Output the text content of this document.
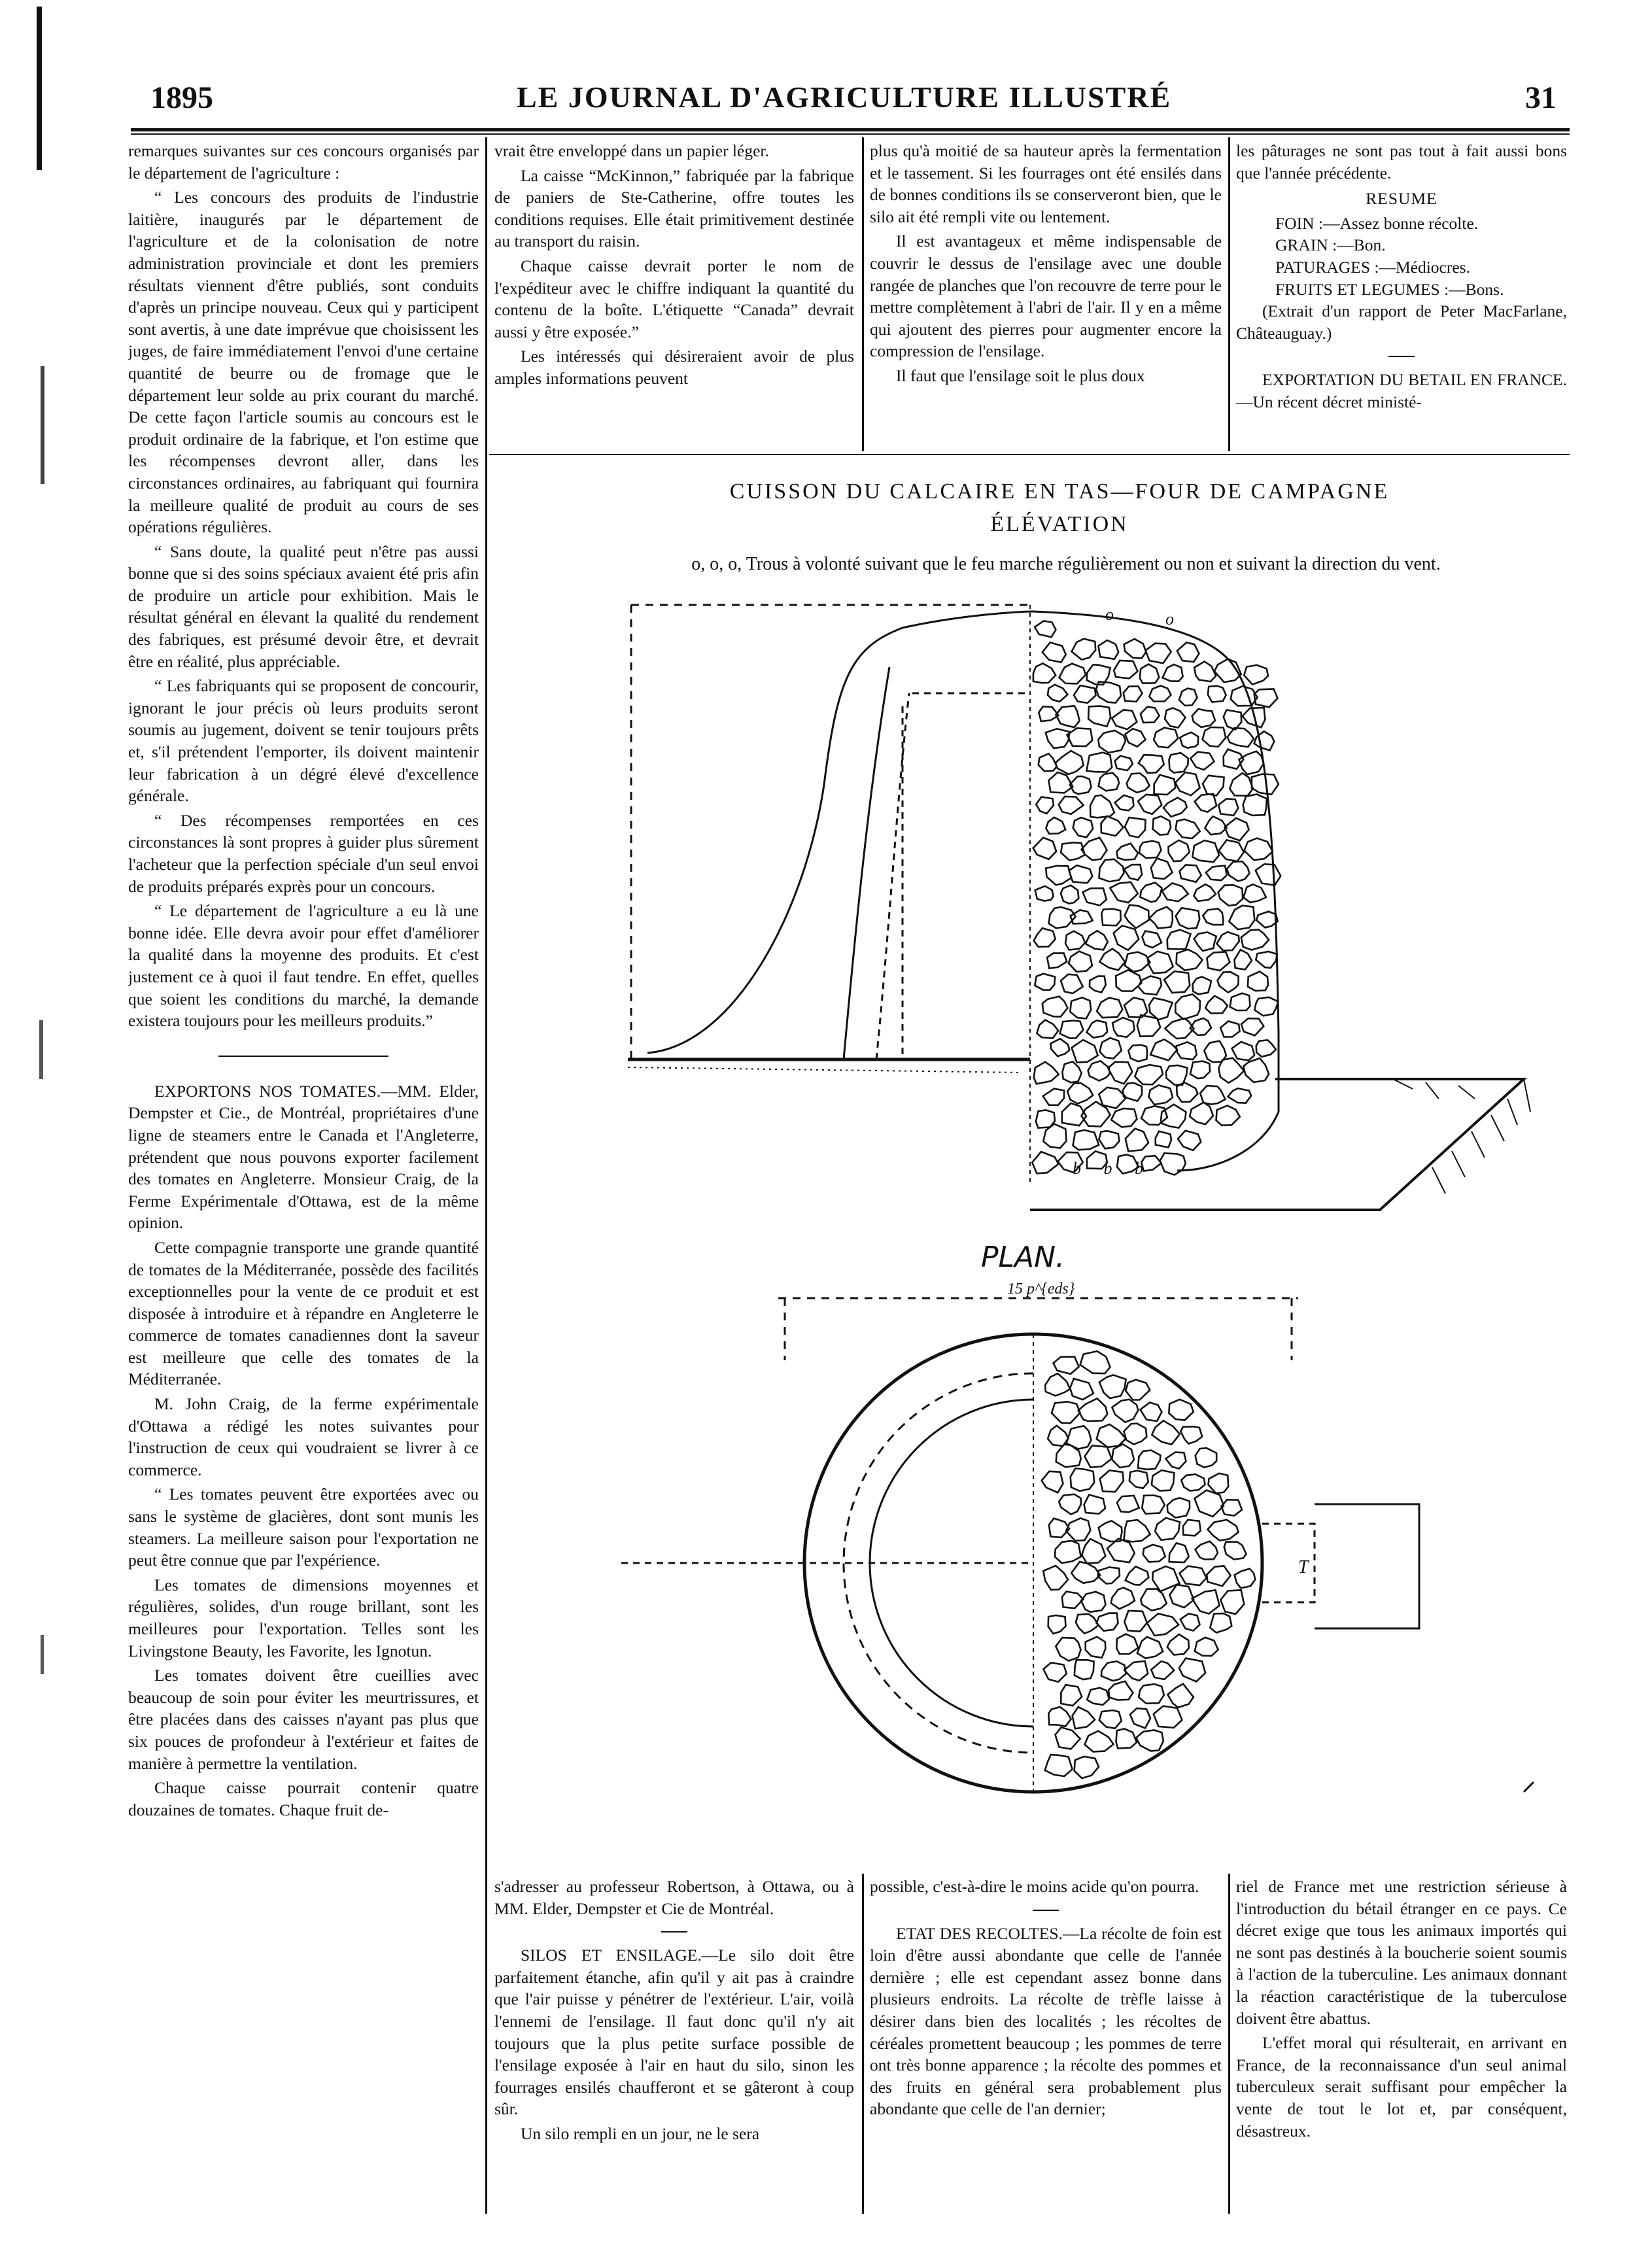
1895	LE JOURNAL D'AGRICULTURE ILLUSTRÉ	31

remarques suivantes sur ces concours organisés par le département de l'agriculture :

“ Les concours des produits de l'industrie laitière, inaugurés par le département de l'agriculture et de la colonisation de notre administration provinciale et dont les premiers résultats viennent d'être publiés, sont conduits d'après un principe nouveau. Ceux qui y participent sont avertis, à une date imprévue que choisissent les juges, de faire immédiatement l'envoi d'une certaine quantité de beurre ou de fromage que le département leur solde au prix courant du marché. De cette façon l'article soumis au concours est le produit ordinaire de la fabrique, et l'on estime que les récompenses devront aller, dans les circonstances ordinaires, au fabriquant qui fournira la meilleure qualité de produit au cours de ses opérations régulières.

“ Sans doute, la qualité peut n'être pas aussi bonne que si des soins spéciaux avaient été pris afin de produire un article pour exhibition. Mais le résultat général en élevant la qualité du rendement des fabriques, est présumé devoir être, et devrait être en réalité, plus appréciable.

“ Les fabriquants qui se proposent de concourir, ignorant le jour précis où leurs produits seront soumis au jugement, doivent se tenir toujours prêts et, s'il prétendent l'emporter, ils doivent maintenir leur fabrication à un dégré élevé d'excellence générale.

“ Des récompenses remportées en ces circonstances là sont propres à guider plus sûrement l'acheteur que la perfection spéciale d'un seul envoi de produits préparés exprès pour un concours.

“ Le département de l'agriculture a eu là une bonne idée. Elle devra avoir pour effet d'améliorer la qualité dans la moyenne des produits. Et c'est justement ce à quoi il faut tendre. En effet, quelles que soient les conditions du marché, la demande existera toujours pour les meilleurs produits.”

EXPORTONS NOS TOMATES.—MM. Elder, Dempster et Cie., de Montréal, propriétaires d'une ligne de steamers entre le Canada et l'Angleterre, prétendent que nous pouvons exporter facilement des tomates en Angleterre. Monsieur Craig, de la Ferme Expérimentale d'Ottawa, est de la même opinion.

Cette compagnie transporte une grande quantité de tomates de la Méditerranée, possède des facilités exceptionnelles pour la vente de ce produit et est disposée à introduire et à répandre en Angleterre le commerce de tomates canadiennes dont la saveur est meilleure que celle des tomates de la Méditerranée.

M. John Craig, de la ferme expérimentale d'Ottawa a rédigé les notes suivantes pour l'instruction de ceux qui voudraient se livrer à ce commerce.

“ Les tomates peuvent être exportées avec ou sans le système de glacières, dont sont munis les steamers. La meilleure saison pour l'exportation ne peut être connue que par l'expérience.

Les tomates de dimensions moyennes et régulières, solides, d'un rouge brillant, sont les meilleures pour l'exportation. Telles sont les Livingstone Beauty, les Favorite, les Ignotun.

Les tomates doivent être cueillies avec beaucoup de soin pour éviter les meurtrissures, et être placées dans des caisses n'ayant pas plus que six pouces de profondeur à l'extérieur et faites de manière à permettre la ventilation.

Chaque caisse pourrait contenir quatre douzaines de tomates. Chaque fruit de-

vrait être enveloppé dans un papier léger.

La caisse “McKinnon,” fabriquée par la fabrique de paniers de Ste-Catherine, offre toutes les conditions requises. Elle était primitivement destinée au transport du raisin.

Chaque caisse devrait porter le nom de l'expéditeur avec le chiffre indiquant la quantité du contenu de la boîte. L'étiquette “Canada” devrait aussi y être exposée.”

Les intéressés qui désireraient avoir de plus amples informations peuvent

plus qu'à moitié de sa hauteur après la fermentation et le tassement. Si les fourrages ont été ensilés dans de bonnes conditions ils se conserveront bien, que le silo ait été rempli vite ou lentement.

Il est avantageux et même indispensable de couvrir le dessus de l'ensilage avec une double rangée de planches que l'on recouvre de terre pour le mettre complètement à l'abri de l'air. Il y en a même qui ajoutent des pierres pour augmenter encore la compression de l'ensilage.

Il faut que l'ensilage soit le plus doux

les pâturages ne sont pas tout à fait aussi bons que l'année précédente.

RESUME
FOIN :—Assez bonne récolte.
GRAIN :—Bon.
PATURAGES :—Médiocres.
FRUITS ET LEGUMES :—Bons.

(Extrait d'un rapport de Peter MacFarlane, Châteauguay.)

EXPORTATION DU BETAIL EN FRANCE.—Un récent décret ministé-

CUISSON DU CALCAIRE EN TAS—FOUR DE CAMPAGNE
ÉLÉVATION
o, o, o, Trous à volonté suivant que le feu marche régulièrement ou non et suivant la direction du vent.
PLAN.
o	o
b b b
15 p^{eds}
T

s'adresser au professeur Robertson, à Ottawa, ou à MM. Elder, Dempster et Cie de Montréal.

SILOS ET ENSILAGE.—Le silo doit être parfaitement étanche, afin qu'il y ait pas à craindre que l'air puisse y pénétrer de l'extérieur. L'air, voilà l'ennemi de l'ensilage. Il faut donc qu'il n'y ait toujours que la plus petite surface possible de l'ensilage exposée à l'air en haut du silo, sinon les fourrages ensilés chaufferont et se gâteront à coup sûr.

Un silo rempli en un jour, ne le sera

possible, c'est-à-dire le moins acide qu'on pourra.

ETAT DES RECOLTES.—La récolte de foin est loin d'être aussi abondante que celle de l'année dernière ; elle est cependant assez bonne dans plusieurs endroits. La récolte de trèfle laisse à désirer dans bien des localités ; les récoltes de céréales promettent beaucoup ; les pommes de terre ont très bonne apparence ; la récolte des pommes et des fruits en général sera probablement plus abondante que celle de l'an dernier;

riel de France met une restriction sérieuse à l'introduction du bétail étranger en ce pays. Ce décret exige que tous les animaux importés qui ne sont pas destinés à la boucherie soient soumis à l'action de la tuberculine. Les animaux donnant la réaction caractéristique de la tuberculose doivent être abattus.

L'effet moral qui résulterait, en arrivant en France, de la reconnaissance d'un seul animal tuberculeux serait suffisant pour empêcher la vente de tout le lot et, par conséquent, désastreux.
